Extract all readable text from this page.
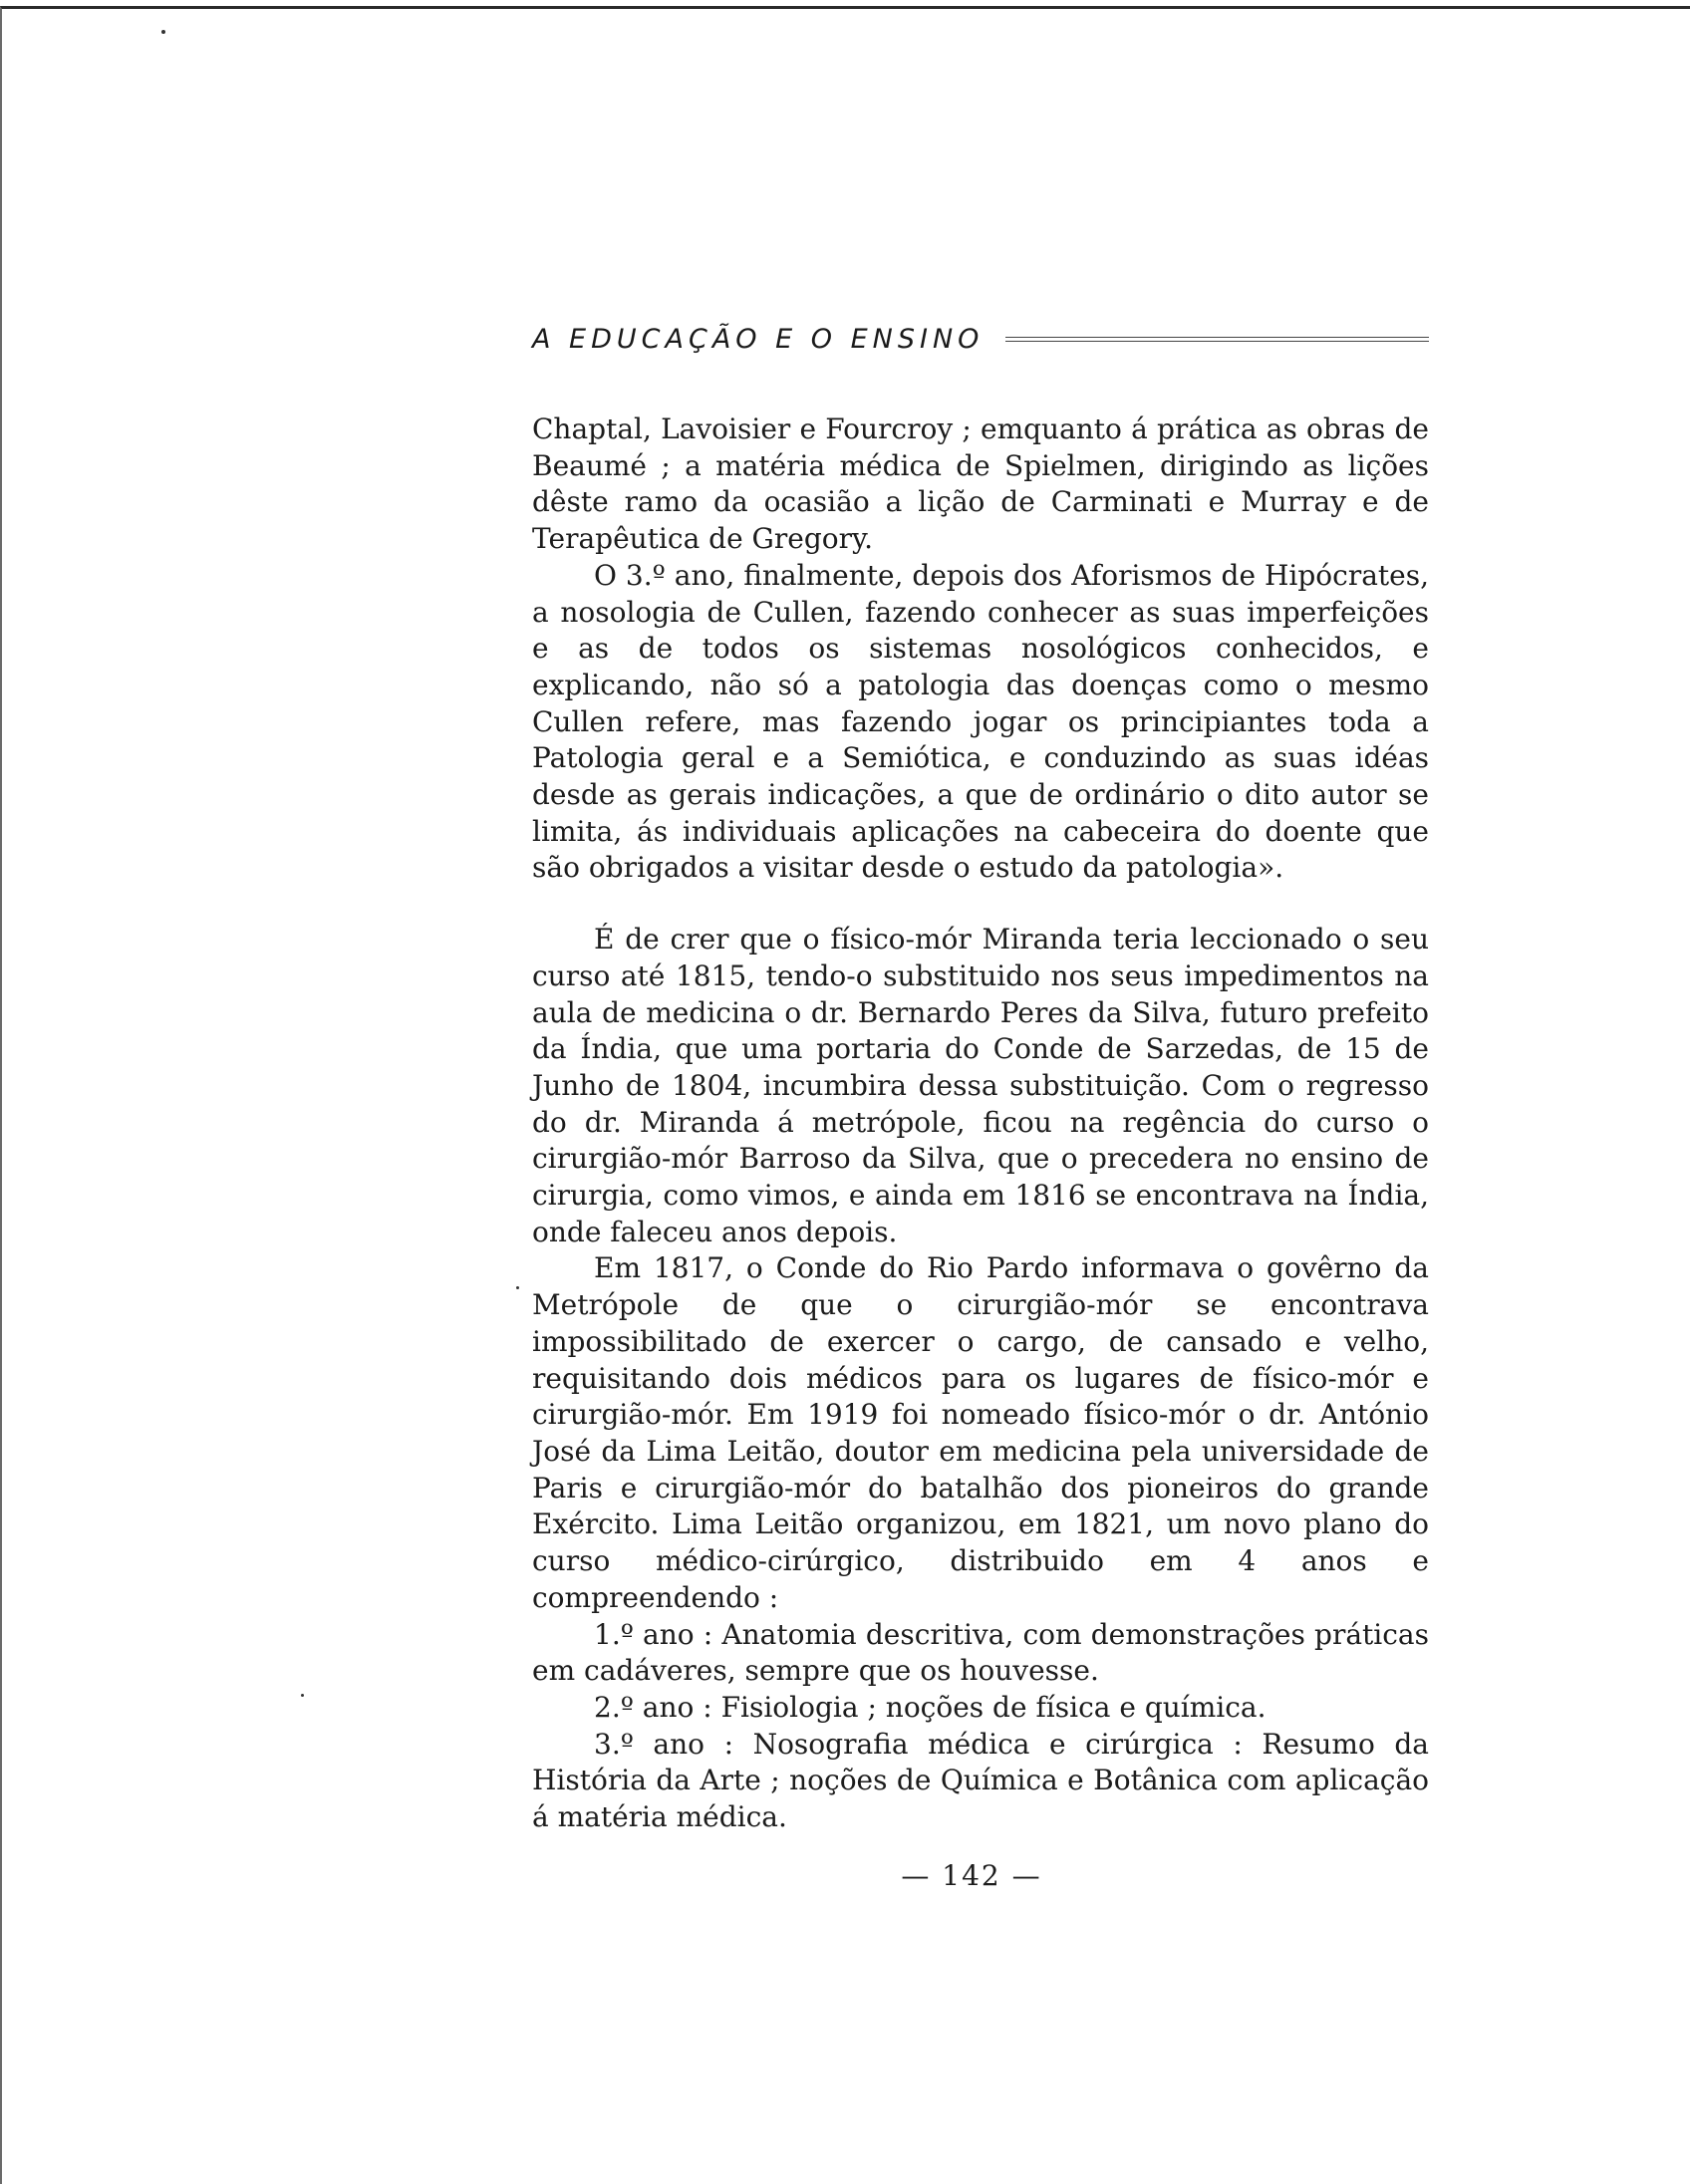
A EDUCAÇÃO E O ENSINO

Chaptal, Lavoisier e Fourcroy ; emquanto á prática as obras de Beaumé ; a matéria médica de Spielmen, dirigindo as lições dêste ramo da ocasião a lição de Carminati e Murray e de Terapêutica de Gregory.

O 3.º ano, finalmente, depois dos Aforismos de Hipócrates, a nosologia de Cullen, fazendo conhecer as suas imperfeições e as de todos os sistemas nosológicos conhecidos, e explicando, não só a patologia das doenças como o mesmo Cullen refere, mas fazendo jogar os principiantes toda a Patologia geral e a Semiótica, e conduzindo as suas idéas desde as gerais indicações, a que de ordinário o dito autor se limita, ás individuais aplicações na cabeceira do doente que são obrigados a visitar desde o estudo da patologia».

É de crer que o físico-mór Miranda teria leccionado o seu curso até 1815, tendo-o substituido nos seus impedimentos na aula de medicina o dr. Bernardo Peres da Silva, futuro prefeito da Índia, que uma portaria do Conde de Sarzedas, de 15 de Junho de 1804, incumbira dessa substituição. Com o regresso do dr. Miranda á metrópole, ficou na regência do curso o cirurgião-mór Barroso da Silva, que o precedera no ensino de cirurgia, como vimos, e ainda em 1816 se encontrava na Índia, onde faleceu anos depois.

Em 1817, o Conde do Rio Pardo informava o govêrno da Metrópole de que o cirurgião-mór se encontrava impossibilitado de exercer o cargo, de cansado e velho, requisitando dois médicos para os lugares de físico-mór e cirurgião-mór. Em 1919 foi nomeado físico-mór o dr. António José da Lima Leitão, doutor em medicina pela universidade de Paris e cirurgião-mór do batalhão dos pioneiros do grande Exército. Lima Leitão organizou, em 1821, um novo plano do curso médico-cirúrgico, distribuido em 4 anos e compreendendo :

1.º ano : Anatomia descritiva, com demonstrações práticas em cadáveres, sempre que os houvesse.

2.º ano : Fisiologia ; noções de física e química.

3.º ano : Nosografia médica e cirúrgica : Resumo da História da Arte ; noções de Química e Botânica com aplicação á matéria médica.

— 142 —
